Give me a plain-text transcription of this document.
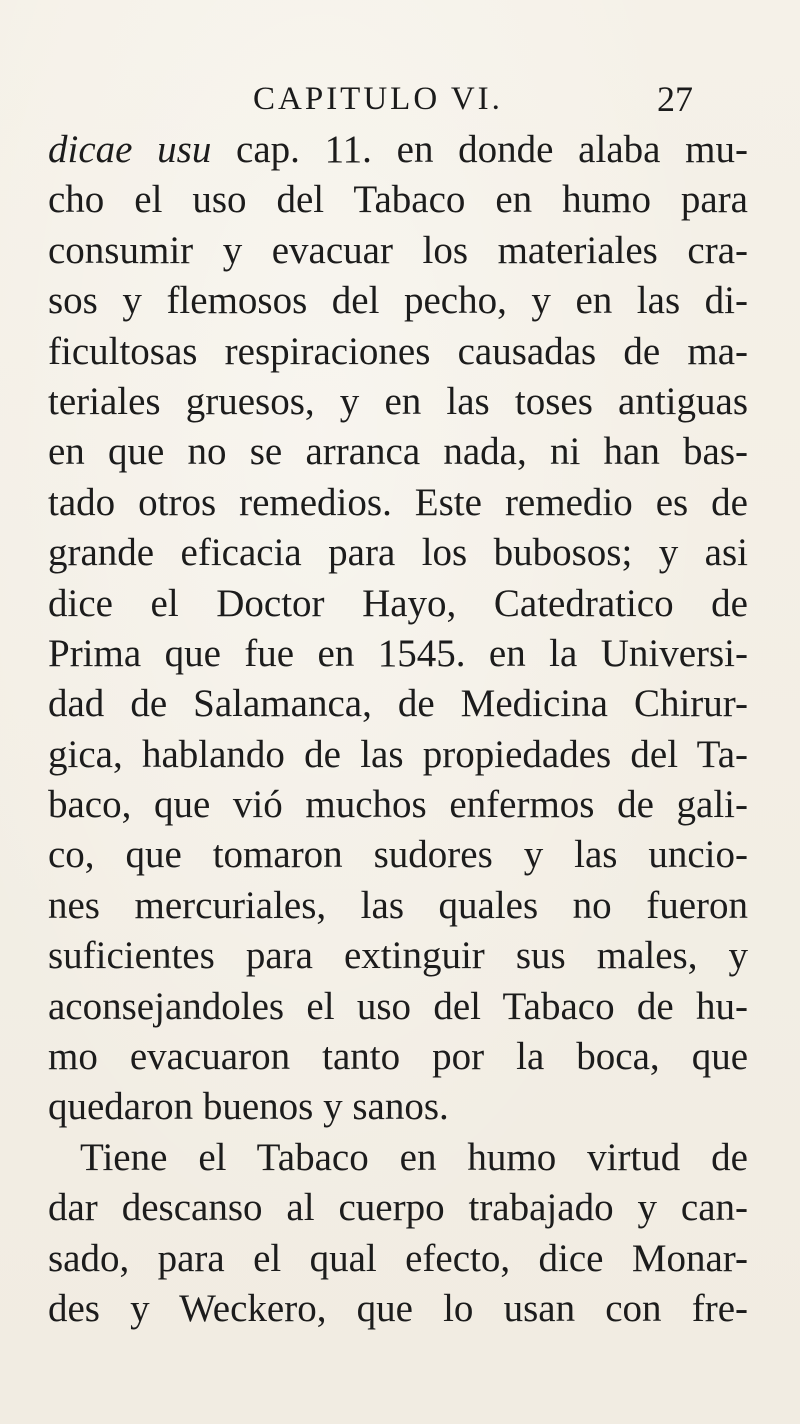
CAPITULO VI.	27
dicae usu cap. 11. en donde alaba mu-
cho el uso del Tabaco en humo para
consumir y evacuar los materiales cra-
sos y flemosos del pecho, y en las di-
ficultosas respiraciones causadas de ma-
teriales gruesos, y en las toses antiguas
en que no se arranca nada, ni han bas-
tado otros remedios. Este remedio es de
grande eficacia para los bubosos; y asi
dice el Doctor Hayo, Catedratico de
Prima que fue en 1545. en la Universi-
dad de Salamanca, de Medicina Chirur-
gica, hablando de las propiedades del Ta-
baco, que vió muchos enfermos de gali-
co, que tomaron sudores y las uncio-
nes mercuriales, las quales no fueron
suficientes para extinguir sus males, y
aconsejandoles el uso del Tabaco de hu-
mo evacuaron tanto por la boca, que
quedaron buenos y sanos.
Tiene el Tabaco en humo virtud de
dar descanso al cuerpo trabajado y can-
sado, para el qual efecto, dice Monar-
des y Weckero, que lo usan con fre-
